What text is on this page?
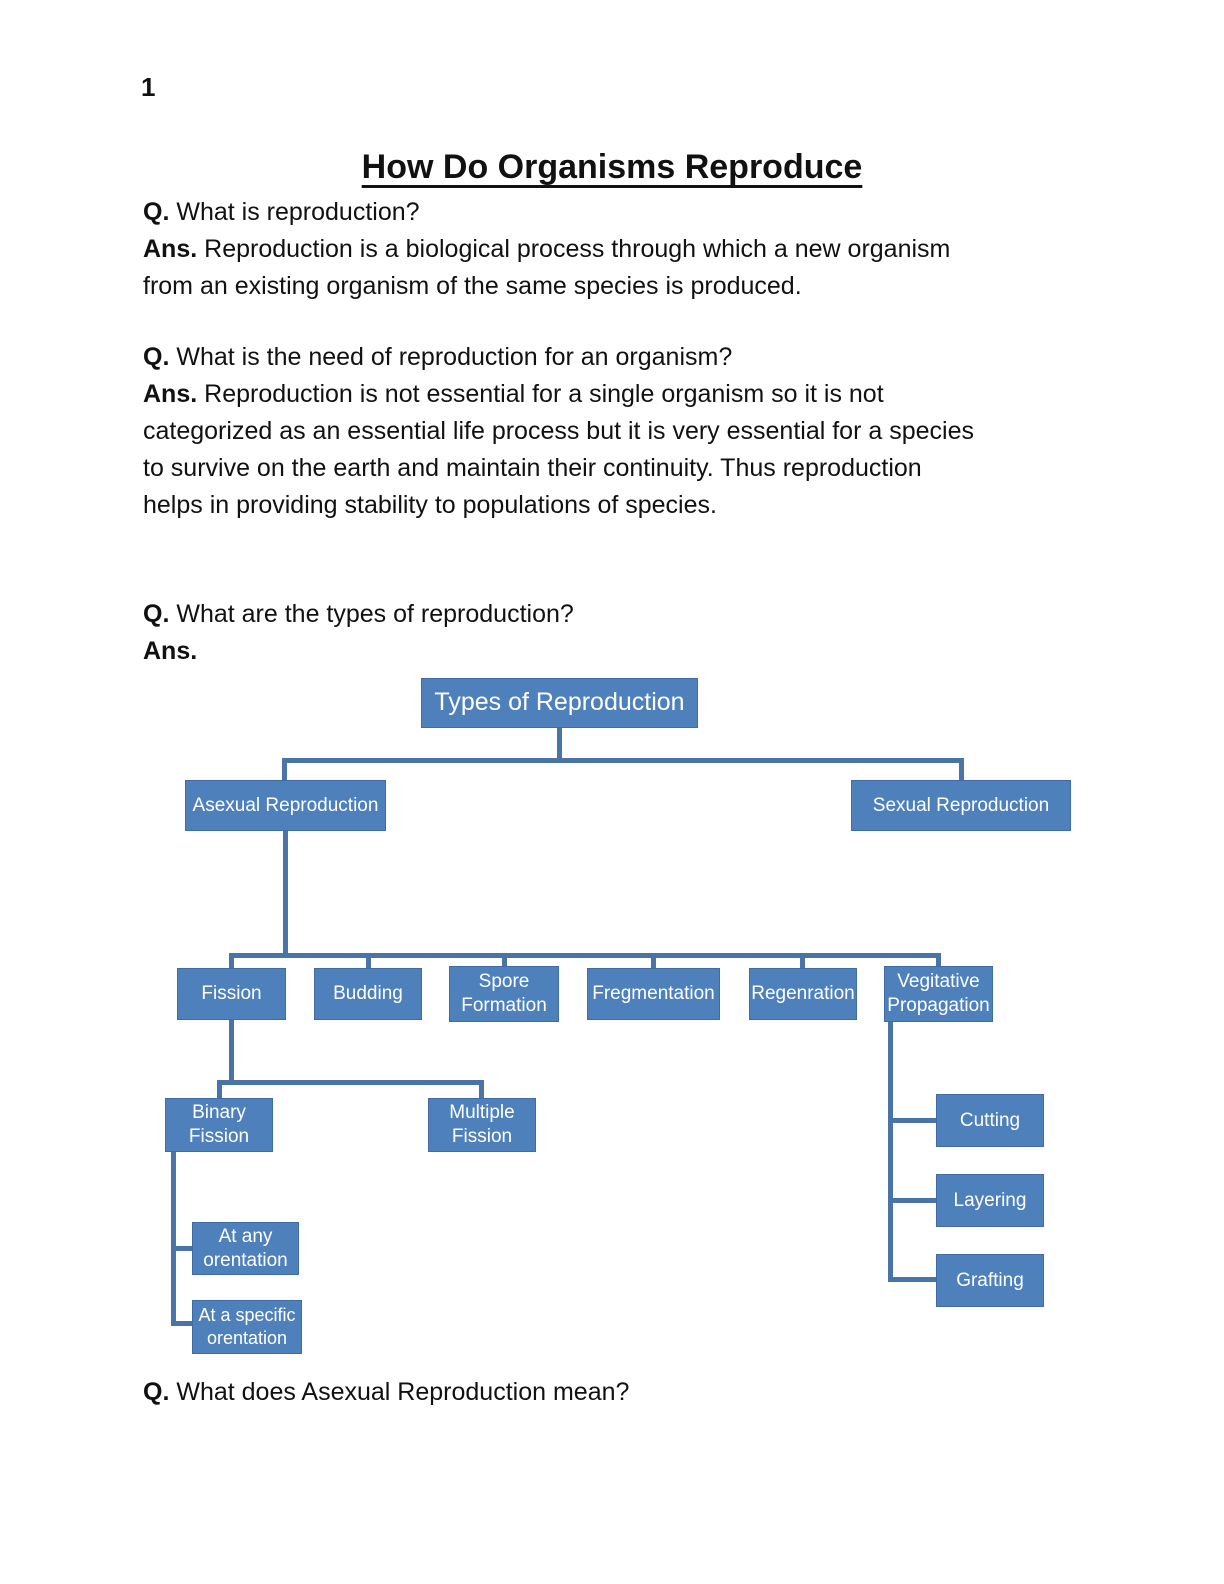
1
How Do Organisms Reproduce
Q. What is reproduction?
Ans. Reproduction is a biological process through which a new organism
from an existing organism of the same species is produced.
Q. What is the need of reproduction for an organism?
Ans. Reproduction is not essential for a single organism so it is not
categorized as an essential life process but it is very essential for a species
to survive on the earth and maintain their continuity. Thus reproduction
helps in providing stability to populations of species.
Q. What are the types of reproduction?
Ans.
Types of Reproduction
Asexual Reproduction	Sexual Reproduction
Fission	Budding
Spore Formation
Fregmentation Regenration
Vegitative Propagation
Binary Fission
Multiple Fission
At any orentation
At a specific orentation
Cutting
Layering
Grafting
Q. What does Asexual Reproduction mean?
